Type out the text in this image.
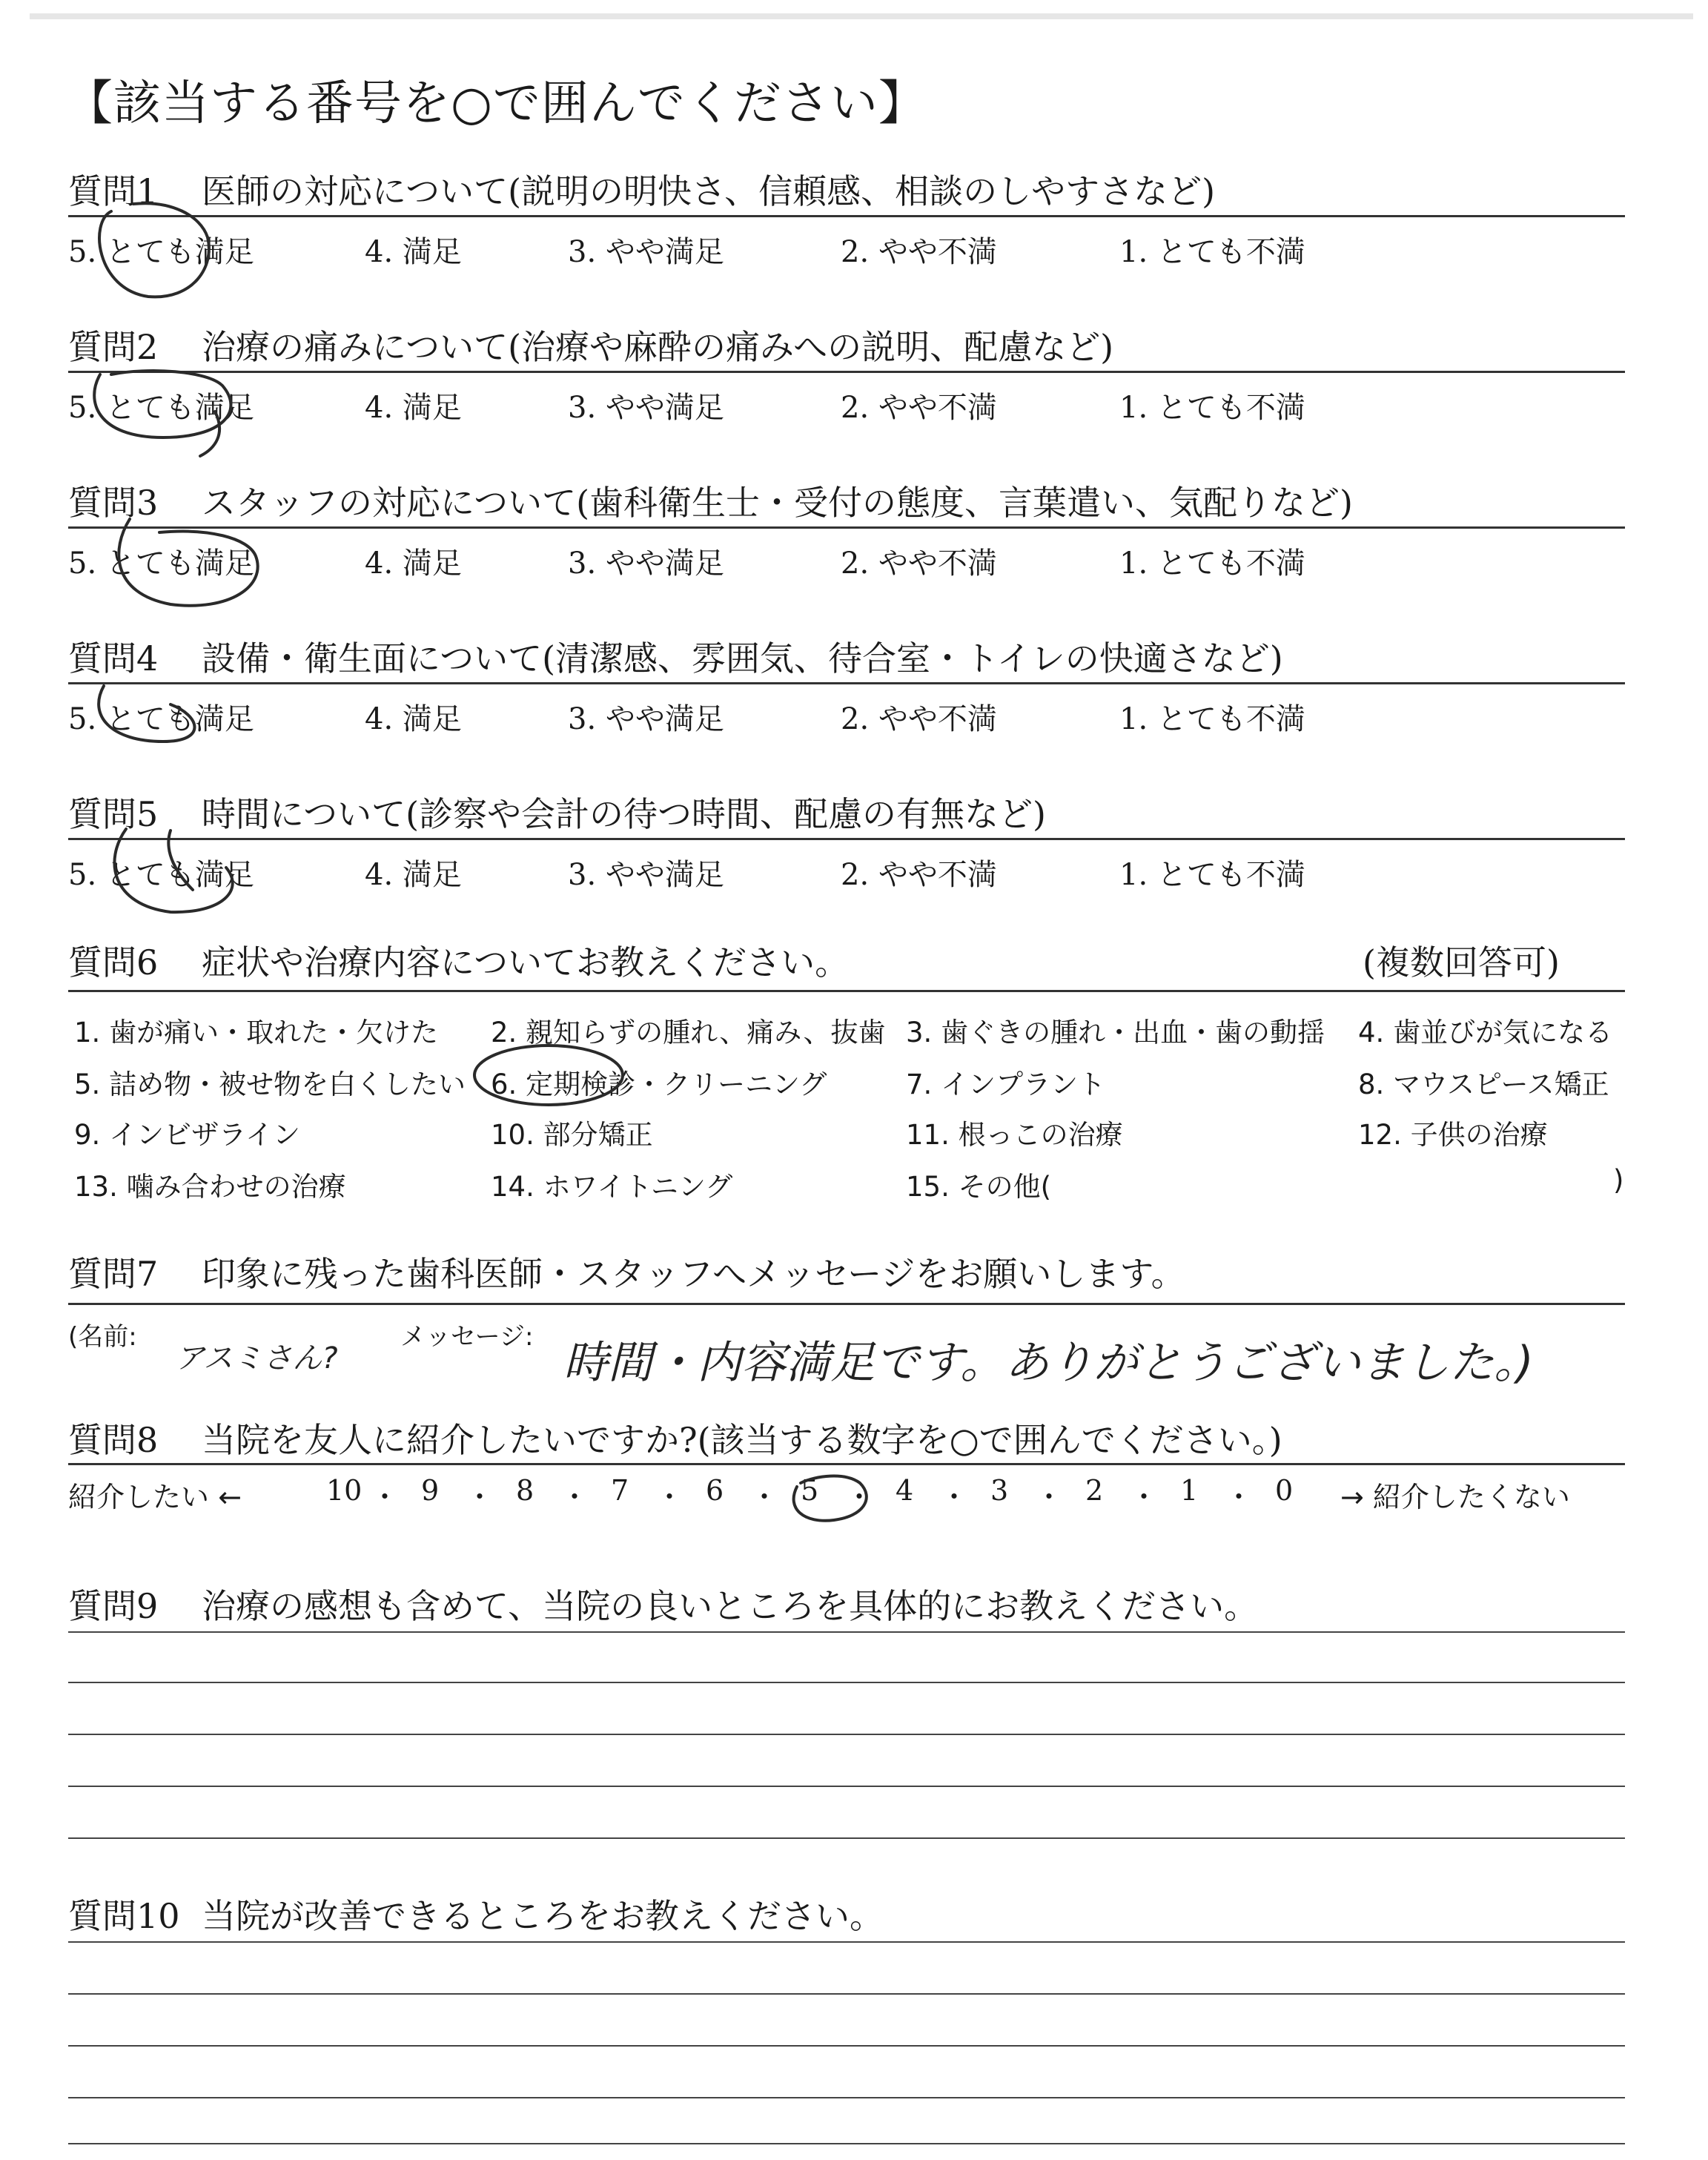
【該当する番号を○で囲んでください】
質問1 医師の対応について(説明の明快さ、信頼感、相談のしやすさなど)
5. とても満足	4. 満足	3. やや満足	2. やや不満	1. とても不満
質問2 治療の痛みについて(治療や麻酔の痛みへの説明、配慮など)
5. とても満足	4. 満足	3. やや満足	2. やや不満	1. とても不満
質問3 スタッフの対応について(歯科衛生士・受付の態度、言葉遣い、気配りなど)
5. とても満足	4. 満足	3. やや満足	2. やや不満	1. とても不満
質問4 設備・衛生面について(清潔感、雰囲気、待合室・トイレの快適さなど)
5. とても満足	4. 満足	3. やや満足	2. やや不満	1. とても不満
質問5 時間について(診察や会計の待つ時間、配慮の有無など)
5. とても満足	4. 満足	3. やや満足	2. やや不満	1. とても不満
質問6 症状や治療内容についてお教えください。	(複数回答可)
1. 歯が痛い・取れた・欠けた 2. 親知らずの腫れ、痛み、抜歯 3. 歯ぐきの腫れ・出血・歯の動揺 4. 歯並びが気になる
5. 詰め物・被せ物を白くしたい 6. 定期検診・クリーニング	7. インプラント	8. マウスピース矯正
9. インビザライン	10. 部分矯正	11. 根っこの治療	12. 子供の治療
13. 噛み合わせの治療	14. ホワイトニング	15. その他(	)
質問7 印象に残った歯科医師・スタッフへメッセージをお願いします。
(名前:
アスミさん?
メッセージ: 時間・内容満足です。ありがとうございました。)
質問8 当院を友人に紹介したいですか?(該当する数字を○で囲んでください。)
紹介したい ←	10 ・ 9 ・ 8 ・ 7 ・ 6 ・ 5 ・ 4 ・ 3 ・ 2 ・ 1 ・ 0 → 紹介したくない
質問9 治療の感想も含めて、当院の良いところを具体的にお教えください。
質問10 当院が改善できるところをお教えください。
